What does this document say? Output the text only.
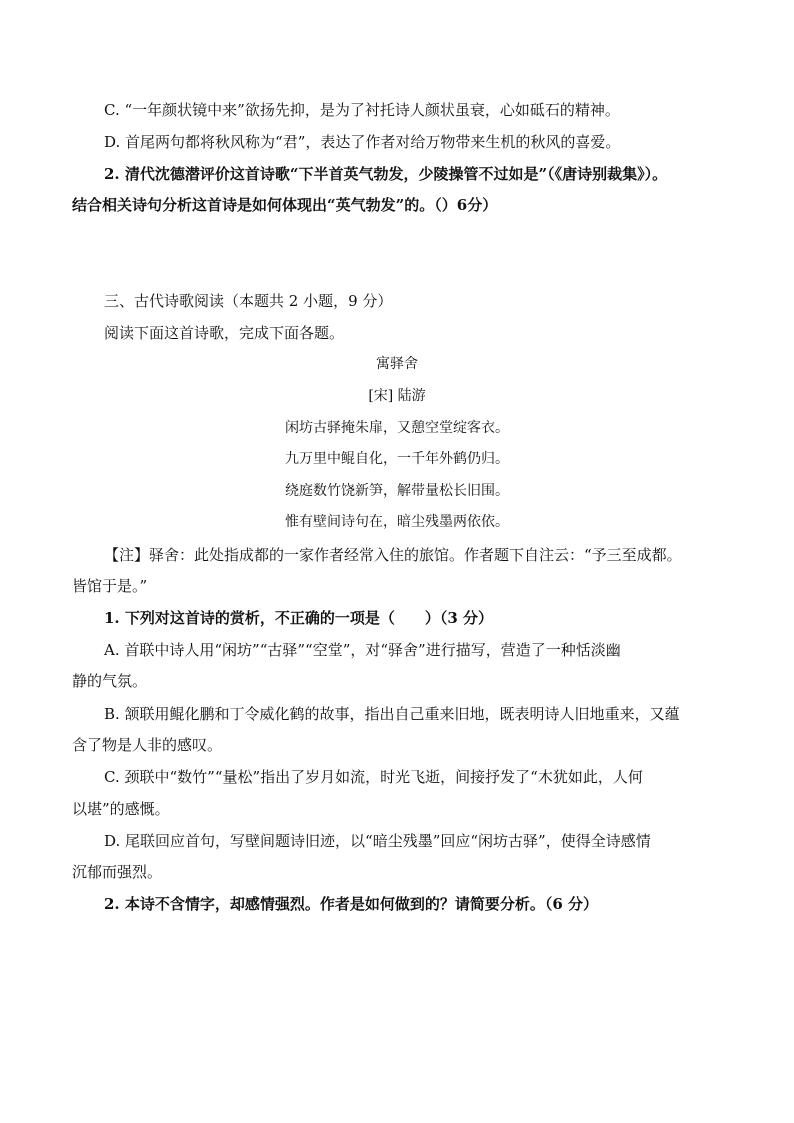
C. “一年颜状镜中来”欲扬先抑，是为了衬托诗人颜状虽衰，心如砥石的精神。
D. 首尾两句都将秋风称为“君”，表达了作者对给万物带来生机的秋风的喜爱。
2. 清代沈德潜评价这首诗歌“下半首英气勃发，少陵操管不过如是”（《唐诗别裁集》）。
结合相关诗句分析这首诗是如何体现出“英气勃发”的。（）6分）
三、古代诗歌阅读（本题共 2 小题，9 分）
阅读下面这首诗歌，完成下面各题。
寓驿舍
[宋] 陆游
闲坊古驿掩朱扉，又憩空堂绽客衣。
九万里中鲲自化，一千年外鹤仍归。
绕庭数竹饶新笋，解带量松长旧围。
惟有壁间诗句在，暗尘残墨两依依。
【注】驿舍：此处指成都的一家作者经常入住的旅馆。作者题下自注云：“予三至成都。
皆馆于是。”
1. 下列对这首诗的赏析，不正确的一项是（　　）（3 分）
A. 首联中诗人用“闲坊”“古驿”“空堂”，对“驿舍”进行描写，营造了一种恬淡幽
静的气氛。
B. 颔联用鲲化鹏和丁令威化鹤的故事，指出自己重来旧地，既表明诗人旧地重来，又蕴
含了物是人非的感叹。
C. 颈联中“数竹”“量松”指出了岁月如流，时光飞逝，间接抒发了“木犹如此，人何
以堪”的感慨。
D. 尾联回应首句，写壁间题诗旧迹，以“暗尘残墨”回应“闲坊古驿”，使得全诗感情
沉郁而强烈。
2. 本诗不含情字，却感情强烈。作者是如何做到的？请简要分析。（6 分）
